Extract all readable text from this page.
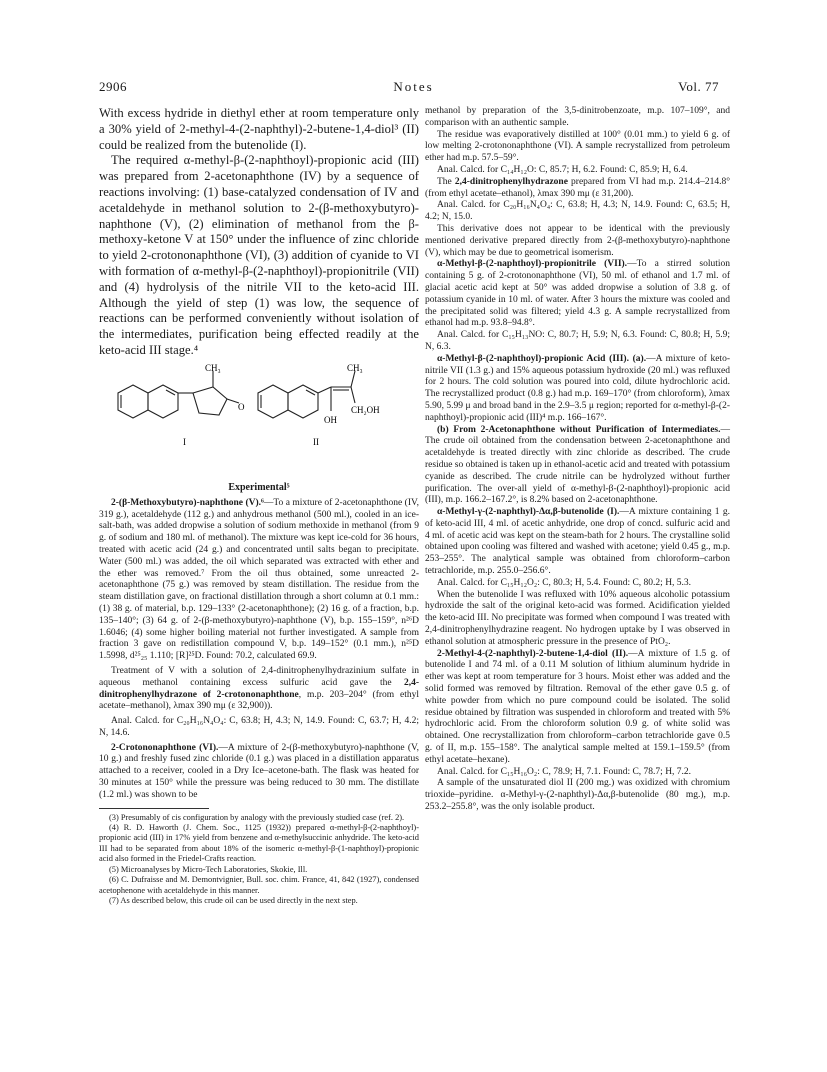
2906	Notes	Vol. 77

With excess hydride in diethyl ether at room temperature only a 30% yield of 2-methyl-4-(2-naphthyl)-2-butene-1,4-diol³ (II) could be realized from the butenolide (I).

The required α-methyl-β-(2-naphthoyl)-propionic acid (III) was prepared from 2-acetonaphthone (IV) by a sequence of reactions involving: (1) base-catalyzed condensation of IV and acetaldehyde in methanol solution to 2-(β-methoxybutyro)-naphthone (V), (2) elimination of methanol from the β-methoxy-ketone V at 150° under the influence of zinc chloride to yield 2-crotononaphthone (VI), (3) addition of cyanide to VI with formation of α-methyl-β-(2-naphthoyl)-propionitrile (VII) and (4) hydrolysis of the nitrile VII to the keto-acid III. Although the yield of step (1) was low, the sequence of reactions can be performed conveniently without isolation of the intermediates, purification being effected readily at the keto-acid III stage.⁴

CH₃
O
CH₃
OH
CH₂OH
I	II
Experimental⁵

2-(β-Methoxybutyro)-naphthone (V).⁶—To a mixture of 2-acetonaphthone (IV, 319 g.), acetaldehyde (112 g.) and anhydrous methanol (500 ml.), cooled in an ice-salt-bath, was added dropwise a solution of sodium methoxide in methanol (from 9 g. of sodium and 180 ml. of methanol). The mixture was kept ice-cold for 36 hours, treated with acetic acid (24 g.) and concentrated until salts began to precipitate. Water (500 ml.) was added, the oil which separated was extracted with ether and the ether was removed.⁷ From the oil thus obtained, some unreacted 2-acetonaphthone (75 g.) was removed by steam distillation. The residue from the steam distillation gave, on fractional distillation through a short column at 0.1 mm.: (1) 38 g. of material, b.p. 129–133° (2-acetonaphthone); (2) 16 g. of a fraction, b.p. 135–140°; (3) 64 g. of 2-(β-methoxybutyro)-naphthone (V), b.p. 155–159°, n²⁶D 1.6046; (4) some higher boiling material not further investigated. A sample from fraction 3 gave on redistillation compound V, b.p. 149–152° (0.1 mm.), n²⁵D 1.5998, d²⁵₂₅ 1.110; [R]²⁵D. Found: 70.2, calculated 69.9.

Treatment of V with a solution of 2,4-dinitrophenylhydrazinium sulfate in aqueous methanol containing excess sulfuric acid gave the 2,4-dinitrophenylhydrazone of 2-crotononaphthone, m.p. 203–204° (from ethyl acetate–methanol), λmax 390 mμ (ε 32,900)).

Anal. Calcd. for C₂₀H₁₆N₄O₄: C, 63.8; H, 4.3; N, 14.9. Found: C, 63.7; H, 4.2; N, 14.6.

2-Crotononaphthone (VI).—A mixture of 2-(β-methoxybutyro)-naphthone (V, 10 g.) and freshly fused zinc chloride (0.1 g.) was placed in a distillation apparatus attached to a receiver, cooled in a Dry Ice–acetone-bath. The flask was heated for 30 minutes at 150° while the pressure was being reduced to 30 mm. The distillate (1.2 ml.) was shown to be

(3) Presumably of cis configuration by analogy with the previously studied case (ref. 2).

(4) R. D. Haworth (J. Chem. Soc., 1125 (1932)) prepared α-methyl-β-(2-naphthoyl)-propionic acid (III) in 17% yield from benzene and α-methylsuccinic anhydride. The keto-acid III had to be separated from about 18% of the isomeric α-methyl-β-(1-naphthoyl)-propionic acid also formed in the Friedel-Crafts reaction.

(5) Microanalyses by Micro-Tech Laboratories, Skokie, Ill.

(6) C. Dufraisse and M. Demontvignier, Bull. soc. chim. France, 41, 842 (1927), condensed acetophenone with acetaldehyde in this manner.

(7) As described below, this crude oil can be used directly in the next step.

methanol by preparation of the 3,5-dinitrobenzoate, m.p. 107–109°, and comparison with an authentic sample.

The residue was evaporatively distilled at 100° (0.01 mm.) to yield 6 g. of low melting 2-crotononaphthone (VI). A sample recrystallized from petroleum ether had m.p. 57.5–59°.

Anal. Calcd. for C₁₄H₁₂O: C, 85.7; H, 6.2. Found: C, 85.9; H, 6.4.

The 2,4-dinitrophenylhydrazone prepared from VI had m.p. 214.4–214.8° (from ethyl acetate–ethanol), λmax 390 mμ (ε 31,200).

Anal. Calcd. for C₂₀H₁₆N₄O₄: C, 63.8; H, 4.3; N, 14.9. Found: C, 63.5; H, 4.2; N, 15.0.

This derivative does not appear to be identical with the previously mentioned derivative prepared directly from 2-(β-methoxybutyro)-naphthone (V), which may be due to geometrical isomerism.

α-Methyl-β-(2-naphthoyl)-propionitrile (VII).—To a stirred solution containing 5 g. of 2-crotononaphthone (VI), 50 ml. of ethanol and 1.7 ml. of glacial acetic acid kept at 50° was added dropwise a solution of 3.8 g. of potassium cyanide in 10 ml. of water. After 3 hours the mixture was cooled and the precipitated solid was filtered; yield 4.3 g. A sample recrystallized from ethanol had m.p. 93.8–94.8°.

Anal. Calcd. for C₁₅H₁₃NO: C, 80.7; H, 5.9; N, 6.3. Found: C, 80.8; H, 5.9; N, 6.3.

α-Methyl-β-(2-naphthoyl)-propionic Acid (III). (a).—A mixture of keto-nitrile VII (1.3 g.) and 15% aqueous potassium hydroxide (20 ml.) was refluxed for 2 hours. The cold solution was poured into cold, dilute hydrochloric acid. The recrystallized product (0.8 g.) had m.p. 169–170° (from chloroform), λmax 5.90, 5.99 μ and broad band in the 2.9–3.5 μ region; reported for α-methyl-β-(2-naphthoyl)-propionic acid (III)⁴ m.p. 166–167°.

(b) From 2-Acetonaphthone without Purification of Intermediates.—The crude oil obtained from the condensation between 2-acetonaphthone and acetaldehyde is treated directly with zinc chloride as described. The crude residue so obtained is taken up in ethanol-acetic acid and treated with potassium cyanide as described. The crude nitrile can be hydrolyzed without further purification. The over-all yield of α-methyl-β-(2-naphthoyl)-propionic acid (III), m.p. 166.2–167.2°, is 8.2% based on 2-acetonaphthone.

α-Methyl-γ-(2-naphthyl)-Δα,β-butenolide (I).—A mixture containing 1 g. of keto-acid III, 4 ml. of acetic anhydride, one drop of concd. sulfuric acid and 4 ml. of acetic acid was kept on the steam-bath for 2 hours. The crystalline solid obtained upon cooling was filtered and washed with acetone; yield 0.45 g., m.p. 253–255°. The analytical sample was obtained from chloroform–carbon tetrachloride, m.p. 255.0–256.6°.

Anal. Calcd. for C₁₅H₁₂O₂: C, 80.3; H, 5.4. Found: C, 80.2; H, 5.3.

When the butenolide I was refluxed with 10% aqueous alcoholic potassium hydroxide the salt of the original keto-acid was formed. Acidification yielded the keto-acid III. No precipitate was formed when compound I was treated with 2,4-dinitrophenylhydrazine reagent. No hydrogen uptake by I was observed in ethanol solution at atmospheric pressure in the presence of PtO₂.

2-Methyl-4-(2-naphthyl)-2-butene-1,4-diol (II).—A mixture of 1.5 g. of butenolide I and 74 ml. of a 0.11 M solution of lithium aluminum hydride in ether was kept at room temperature for 3 hours. Moist ether was added and the solid formed was removed by filtration. Removal of the ether gave 0.5 g. of white powder from which no pure compound could be isolated. The solid residue obtained by filtration was suspended in chloroform and treated with 5% hydrochloric acid. From the chloroform solution 0.9 g. of white solid was obtained. One recrystallization from chloroform–carbon tetrachloride gave 0.5 g. of II, m.p. 155–158°. The analytical sample melted at 159.1–159.5° (from ethyl acetate–hexane).

Anal. Calcd. for C₁₅H₁₆O₂: C, 78.9; H, 7.1. Found: C, 78.7; H, 7.2.

A sample of the unsaturated diol II (200 mg.) was oxidized with chromium trioxide–pyridine. α-Methyl-γ-(2-naphthyl)-Δα,β-butenolide (80 mg.), m.p. 253.2–255.8°, was the only isolable product.
